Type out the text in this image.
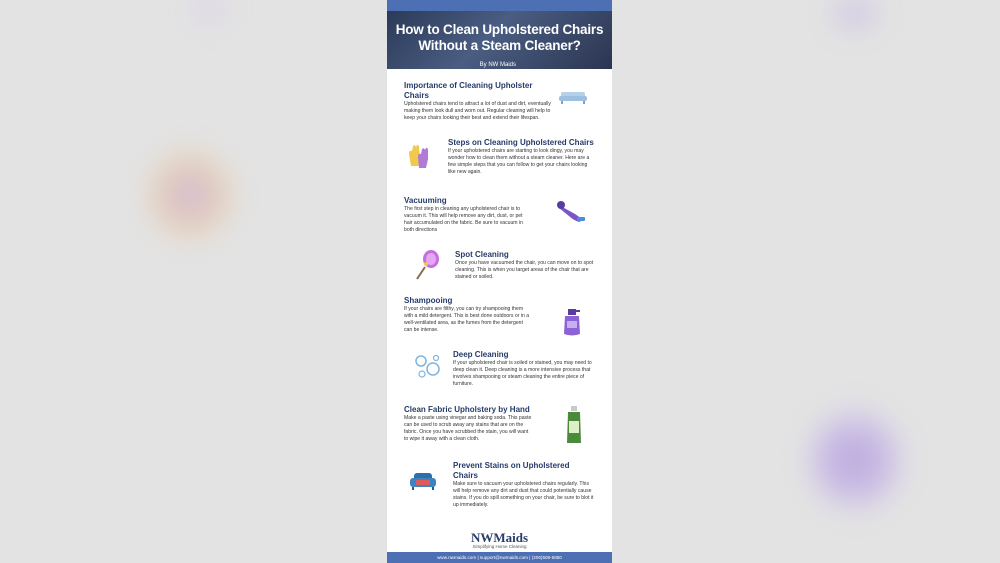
How to Clean Upholstered Chairs Without a Steam Cleaner?
By NW Maids
Importance of Cleaning Upholster Chairs

Upholstered chairs tend to attract a lot of dust and dirt, eventually making them look dull and worn out. Regular cleaning will help to keep your chairs looking their best and extend their lifespan.

Steps on Cleaning Upholstered Chairs

If your upholstered chairs are starting to look dingy, you may wonder how to clean them without a steam cleaner. Here are a few simple steps that you can follow to get your chairs looking like new again.

Vacuuming

The first step in cleaning any upholstered chair is to vacuum it. This will help remove any dirt, dust, or pet hair accumulated on the fabric. Be sure to vacuum in both directions

Spot Cleaning

Once you have vacuumed the chair, you can move on to spot cleaning. This is when you target areas of the chair that are stained or soiled.

Shampooing

If your chairs are filthy, you can try shampooing them with a mild detergent. This is best done outdoors or in a well-ventilated area, as the fumes from the detergent can be intense.

Deep Cleaning

If your upholstered chair is soiled or stained, you may need to deep clean it. Deep cleaning is a more intensive process that involves shampooing or steam cleaning the entire piece of furniture.

Clean Fabric Upholstery by Hand

Make a paste using vinegar and baking soda. This paste can be used to scrub away any stains that are on the fabric. Once you have scrubbed the stain, you will want to wipe it away with a clean cloth.

Prevent Stains on Upholstered Chairs

Make sure to vacuum your upholstered chairs regularly. This will help remove any dirt and dust that could potentially cause stains. If you do spill something on your chair, be sure to blot it up immediately.

NWMaids
Simplifying Home Cleaning
www.nwmaids.com | support@nwmaids.com | (206)508-5850
